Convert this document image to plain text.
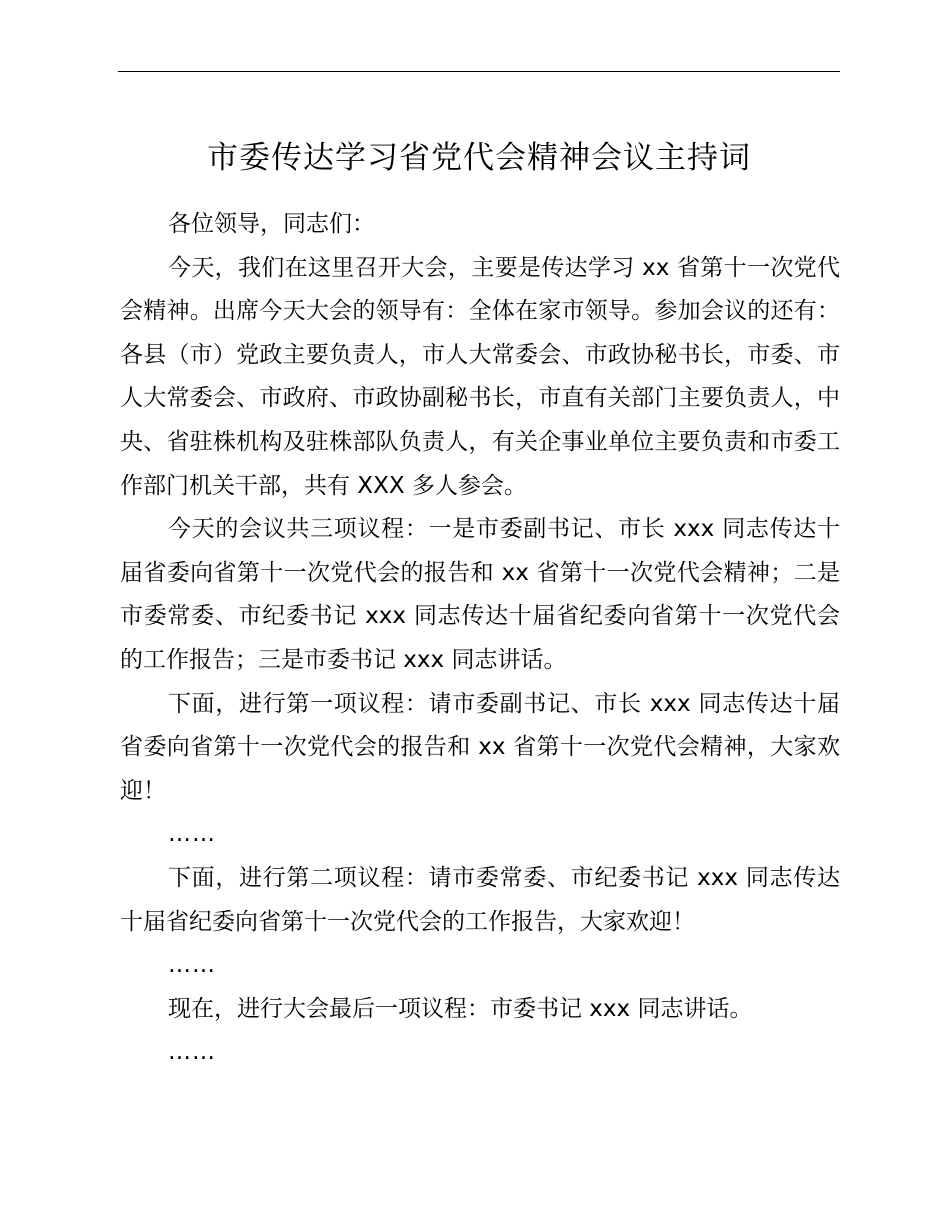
市委传达学习省党代会精神会议主持词

各位领导，同志们：

今天，我们在这里召开大会，主要是传达学习 xx 省第十一次党代会精神。出席今天大会的领导有：全体在家市领导。参加会议的还有：各县（市）党政主要负责人，市人大常委会、市政协秘书长，市委、市人大常委会、市政府、市政协副秘书长，市直有关部门主要负责人，中央、省驻株机构及驻株部队负责人，有关企事业单位主要负责和市委工作部门机关干部，共有 XXX 多人参会。

今天的会议共三项议程：一是市委副书记、市长 xxx 同志传达十届省委向省第十一次党代会的报告和 xx 省第十一次党代会精神；二是市委常委、市纪委书记 xxx 同志传达十届省纪委向省第十一次党代会的工作报告；三是市委书记 xxx 同志讲话。

下面，进行第一项议程：请市委副书记、市长 xxx 同志传达十届省委向省第十一次党代会的报告和 xx 省第十一次党代会精神，大家欢迎！

……

下面，进行第二项议程：请市委常委、市纪委书记 xxx 同志传达十届省纪委向省第十一次党代会的工作报告，大家欢迎！

……

现在，进行大会最后一项议程：市委书记 xxx 同志讲话。

……
